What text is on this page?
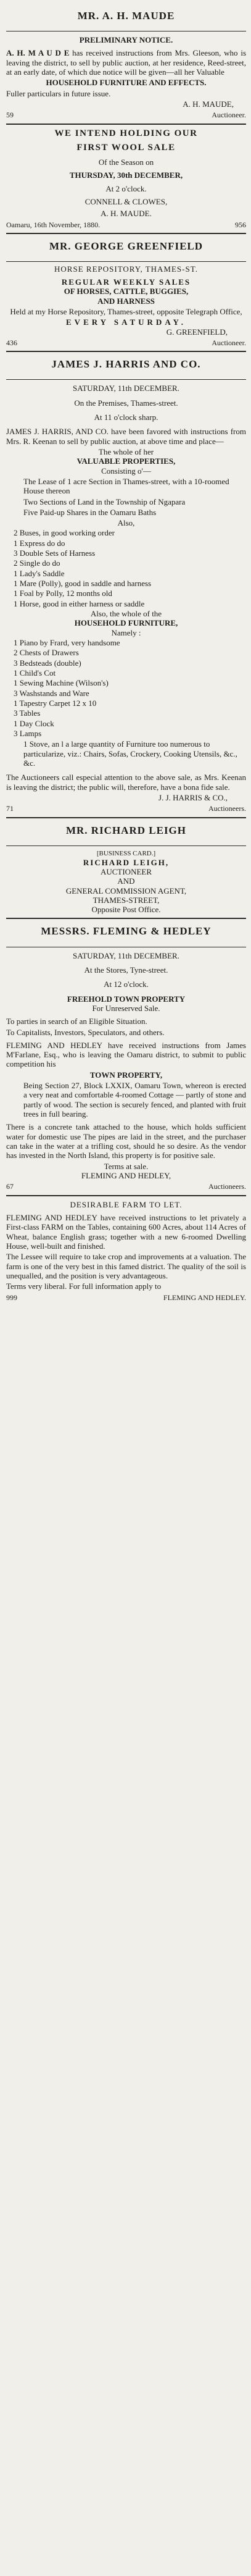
MR. A. H. MAUDE
PRELIMINARY NOTICE.
A. H. M A U D E has received instructions from Mrs. Gleeson, who is leaving the district, to sell by public auction, at her residence, Reed-street, at an early date, of which due notice will be given—all her Valuable
HOUSEHOLD FURNITURE AND EFFECTS.
Fuller particulars in future issue.
A. H. MAUDE,
59	Auctioneer.
WE INTEND HOLDING OUR
FIRST WOOL SALE
Of the Season on
THURSDAY, 30th DECEMBER,
At 2 o'clock.
CONNELL & CLOWES,
A. H. MAUDE.
Oamaru, 16th November, 1880.	956
MR. GEORGE GREENFIELD
HORSE REPOSITORY, THAMES-ST.
REGULAR WEEKLY SALES
OF HORSES, CATTLE, BUGGIES,
AND HARNESS
Held at my Horse Repository, Thames-street, opposite Telegraph Office,
EVERY SATURDAY.
G. GREENFIELD,
436	Auctioneer.
JAMES J. HARRIS AND CO.
SATURDAY, 11th DECEMBER.
On the Premises, Thames-street.
At 11 o'clock sharp.
JAMES J. HARRIS, AND CO. have been favored with instructions from Mrs. R. Keenan to sell by public auction, at above time and place—
The whole of her
VALUABLE PROPERTIES,
Consisting o'—
The Lease of 1 acre Section in Thames-street, with a 10-roomed House thereon
Two Sections of Land in the Township of Ngapara
Five Paid-up Shares in the Oamaru Baths
Also,
2 Buses, in good working order
1 Express do do
3 Double Sets of Harness
2 Single do do
1 Lady's Saddle
1 Mare (Polly), good in saddle and harness
1 Foal by Polly, 12 months old
1 Horse, good in either harness or saddle
Also, the whole of the
HOUSEHOLD FURNITURE,
Namely :
1 Piano by Frard, very handsome
2 Chests of Drawers
3 Bedsteads (double)
1 Child's Cot
1 Sewing Machine (Wilson's)
3 Washstands and Ware
1 Tapestry Carpet 12 x 10
3 Tables
1 Day Clock
3 Lamps
1 Stove, an l a large quantity of Furniture too numerous to particularize, viz.: Chairs, Sofas, Crockery, Cooking Utensils, &c., &c.
The Auctioneers call especial attention to the above sale, as Mrs. Keenan is leaving the district; the public will, therefore, have a bona fide sale.
J. J. HARRIS & CO.,
71	Auctioneers.
MR. RICHARD LEIGH
[BUSINESS CARD.]
RICHARD LEIGH,
AUCTIONEER
AND
GENERAL COMMISSION AGENT,
THAMES-STREET,
Opposite Post Office.
MESSRS. FLEMING & HEDLEY
SATURDAY, 11th DECEMBER.
At the Stores, Tyne-street.
At 12 o'clock.
FREEHOLD TOWN PROPERTY
For Unreserved Sale.
To parties in search of an Eligible Situation.
To Capitalists, Investors, Speculators, and others.
FLEMING AND HEDLEY have received instructions from James M'Farlane, Esq., who is leaving the Oamaru district, to submit to public competition his
TOWN PROPERTY,
Being Section 27, Block LXXIX, Oamaru Town, whereon is erected a very neat and comfortable 4-roomed Cottage — partly of stone and partly of wood. The section is securely fenced, and planted with fruit trees in full bearing.
There is a concrete tank attached to the house, which holds sufficient water for domestic use The pipes are laid in the street, and the purchaser can take in the water at a trifling cost, should he so desire. As the vendor has invested in the North Island, this property is for positive sale.
Terms at sale.
FLEMING AND HEDLEY,
67	Auctioneers.
DESIRABLE FARM TO LET.
FLEMING AND HEDLEY have received instructions to let privately a First-class FARM on the Tables, containing 600 Acres, about 114 Acres of Wheat, balance English grass; together with a new 6-roomed Dwelling House, well-built and finished.
The Lessee will require to take crop and improvements at a valuation. The farm is one of the very best in this famed district. The quality of the soil is unequalled, and the position is very advantageous.
Terms very liberal. For full information apply to
999	FLEMING AND HEDLEY.
